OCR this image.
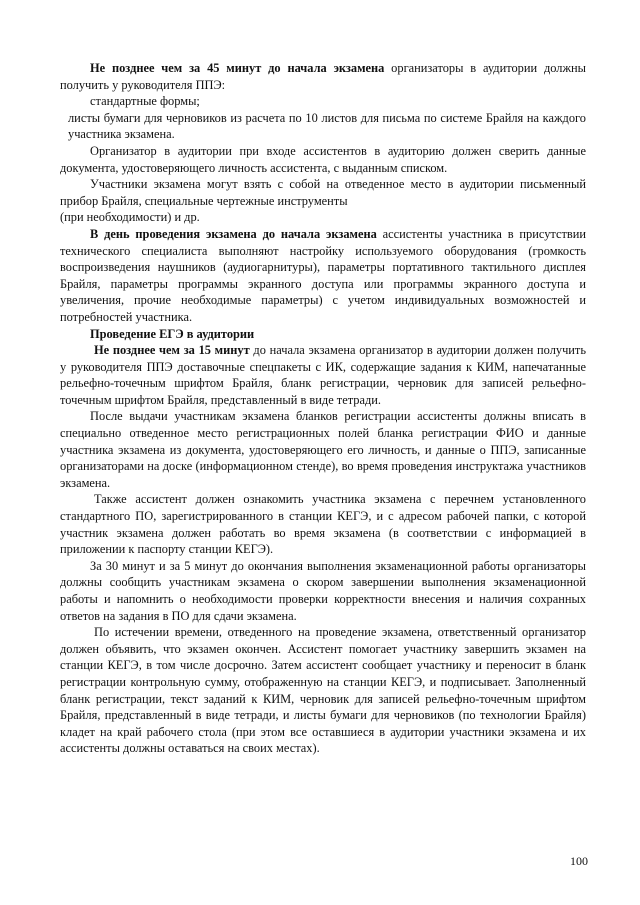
Не позднее чем за 45 минут до начала экзамена организаторы в аудитории должны получить у руководителя ППЭ:

стандартные формы;

листы бумаги для черновиков из расчета по 10 листов для письма по системе Брайля на каждого участника экзамена.

Организатор в аудитории при входе ассистентов в аудиторию должен сверить данные документа, удостоверяющего личность ассистента, с выданным списком.

Участники экзамена могут взять с собой на отведенное место в аудитории письменный прибор Брайля, специальные чертежные инструменты

(при необходимости) и др.

В день проведения экзамена до начала экзамена ассистенты участника в присутствии технического специалиста выполняют настройку используемого оборудования (громкость воспроизведения наушников (аудиогарнитуры), параметры портативного тактильного дисплея Брайля, параметры программы экранного доступа или программы экранного доступа и увеличения, прочие необходимые параметры) с учетом индивидуальных возможностей и потребностей участника.

Проведение ЕГЭ в аудитории

Не позднее чем за 15 минут до начала экзамена организатор в аудитории должен получить у руководителя ППЭ доставочные спецпакеты с ИК, содержащие задания к КИМ, напечатанные рельефно-точечным шрифтом Брайля, бланк регистрации, черновик для записей рельефно-точечным шрифтом Брайля, представленный в виде тетради.

После выдачи участникам экзамена бланков регистрации ассистенты должны вписать в специально отведенное место регистрационных полей бланка регистрации ФИО и данные участника экзамена из документа, удостоверяющего его личность, и данные о ППЭ, записанные организаторами на доске (информационном стенде), во время проведения инструктажа участников экзамена.

Также ассистент должен ознакомить участника экзамена с перечнем установленного стандартного ПО, зарегистрированного в станции КЕГЭ, и с адресом рабочей папки, с которой участник экзамена должен работать во время экзамена (в соответствии с информацией в приложении к паспорту станции КЕГЭ).

За 30 минут и за 5 минут до окончания выполнения экзаменационной работы организаторы должны сообщить участникам экзамена о скором завершении выполнения экзаменационной работы и напомнить о необходимости проверки корректности внесения и наличия сохранных ответов на задания в ПО для сдачи экзамена.

По истечении времени, отведенного на проведение экзамена, ответственный организатор должен объявить, что экзамен окончен. Ассистент помогает участнику завершить экзамен на станции КЕГЭ, в том числе досрочно. Затем ассистент сообщает участнику и переносит в бланк регистрации контрольную сумму, отображенную на станции КЕГЭ, и подписывает. Заполненный бланк регистрации, текст заданий к КИМ, черновик для записей рельефно-точечным шрифтом Брайля, представленный в виде тетради, и листы бумаги для черновиков (по технологии Брайля) кладет на край рабочего стола (при этом все оставшиеся в аудитории участники экзамена и их ассистенты должны оставаться на своих местах).

100
